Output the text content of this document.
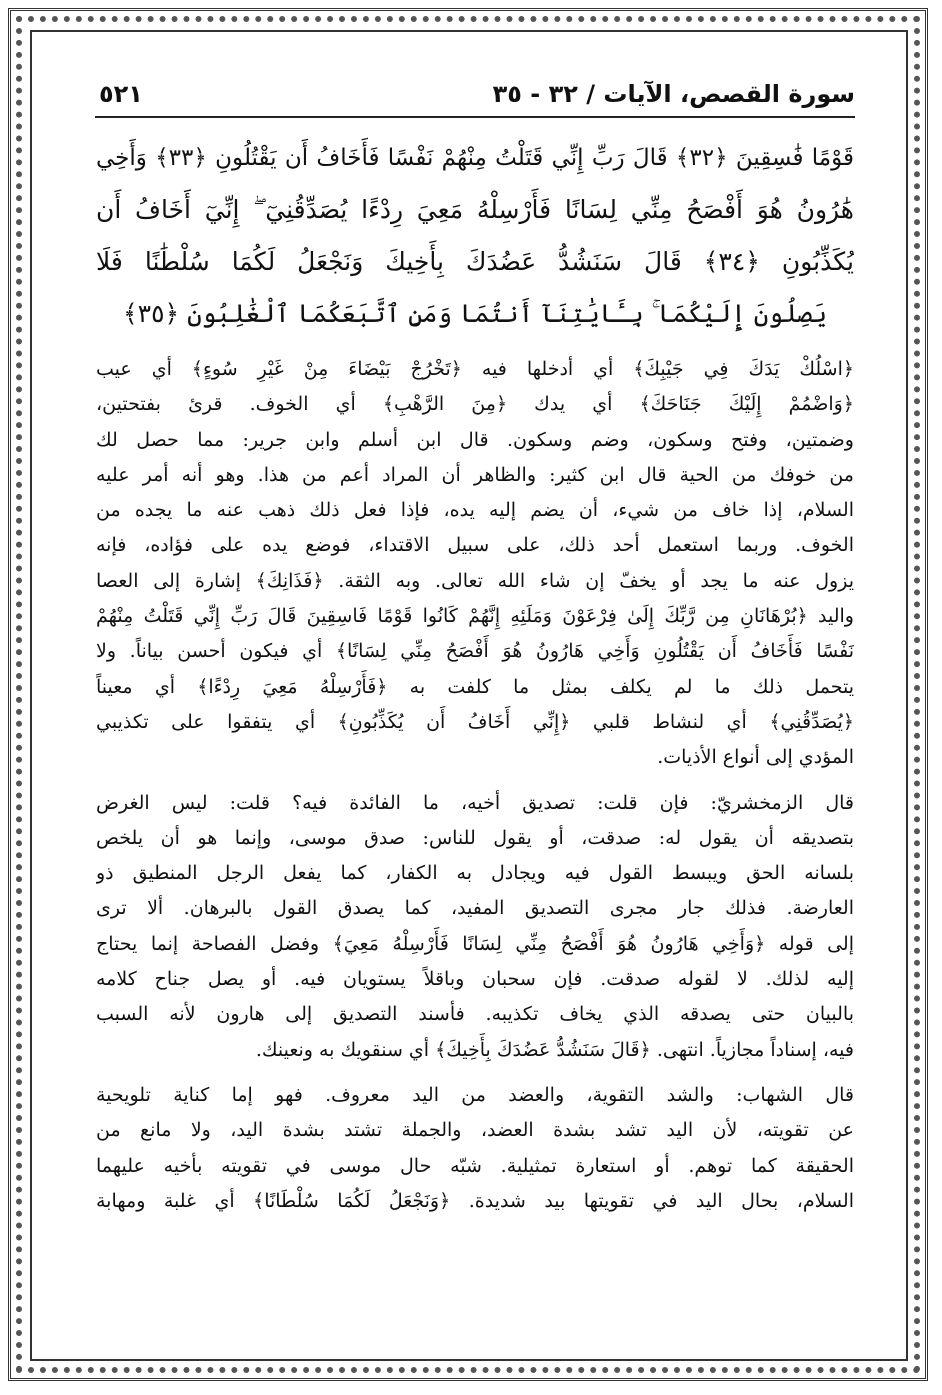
سورة القصص، الآيات / ٣٢ - ٣٥
٥٢١
قَوْمًا فَٰسِقِينَ ﴿٣٢﴾ قَالَ رَبِّ إِنِّي قَتَلْتُ مِنْهُمْ نَفْسًا فَأَخَافُ أَن يَقْتُلُونِ ﴿٣٣﴾ وَأَخِي
هَٰرُونُ هُوَ أَفْصَحُ مِنِّي لِسَانًا فَأَرْسِلْهُ مَعِيَ رِدْءًا يُصَدِّقُنِيٓ ۖ إِنِّيٓ أَخَافُ أَن
يُكَذِّبُونِ ﴿٣٤﴾ قَالَ سَنَشُدُّ عَضُدَكَ بِأَخِيكَ وَنَجْعَلُ لَكُمَا سُلْطَٰنًا فَلَا
يَصِلُونَ إِلَيْكُمَا ۚ بِـَٔايَٰتِنَآ أَنتُمَا وَمَنِ ٱتَّبَعَكُمَا ٱلْغَٰلِبُونَ ﴿٣٥﴾
﴿اسْلُكْ يَدَكَ فِي جَيْبِكَ﴾ أي أدخلها فيه ﴿تَخْرُجْ بَيْضَاءَ مِنْ غَيْرِ سُوءٍ﴾ أي عيب
﴿وَاضْمُمْ إِلَيْكَ جَنَاحَكَ﴾ أي يدك ﴿مِنَ الرَّهْبِ﴾ أي الخوف. قرئ بفتحتين،
وضمتين، وفتح وسكون، وضم وسكون. قال ابن أسلم وابن جرير: مما حصل لك
من خوفك من الحية قال ابن كثير: والظاهر أن المراد أعم من هذا. وهو أنه أمر عليه
السلام، إذا خاف من شيء، أن يضم إليه يده، فإذا فعل ذلك ذهب عنه ما يجده من
الخوف. وربما استعمل أحد ذلك، على سبيل الاقتداء، فوضع يده على فؤاده، فإنه
يزول عنه ما يجد أو يخفّ إن شاء الله تعالى. وبه الثقة. ﴿فَذَانِكَ﴾ إشارة إلى العصا
واليد ﴿بُرْهَانَانِ مِن رَّبِّكَ إِلَىٰ فِرْعَوْنَ وَمَلَئِهِ إِنَّهُمْ كَانُوا قَوْمًا فَاسِقِينَ قَالَ رَبِّ إِنِّي قَتَلْتُ مِنْهُمْ
نَفْسًا فَأَخَافُ أَن يَقْتُلُونِ وَأَخِي هَارُونُ هُوَ أَفْصَحُ مِنِّي لِسَانًا﴾ أي فيكون أحسن بياناً. ولا
يتحمل ذلك ما لم يكلف بمثل ما كلفت به ﴿فَأَرْسِلْهُ مَعِيَ رِدْءًا﴾ أي معيناً
﴿يُصَدِّقُنِي﴾ أي لنشاط قلبي ﴿إِنِّي أَخَافُ أَن يُكَذِّبُونِ﴾ أي يتفقوا على تكذيبي
المؤدي إلى أنواع الأذيات.
قال الزمخشريّ: فإن قلت: تصديق أخيه، ما الفائدة فيه؟ قلت: ليس الغرض
بتصديقه أن يقول له: صدقت، أو يقول للناس: صدق موسى، وإنما هو أن يلخص
بلسانه الحق ويبسط القول فيه ويجادل به الكفار، كما يفعل الرجل المنطيق ذو
العارضة. فذلك جار مجرى التصديق المفيد، كما يصدق القول بالبرهان. ألا ترى
إلى قوله ﴿وَأَخِي هَارُونُ هُوَ أَفْصَحُ مِنِّي لِسَانًا فَأَرْسِلْهُ مَعِيَ﴾ وفضل الفصاحة إنما يحتاج
إليه لذلك. لا لقوله صدقت. فإن سحبان وباقلاً يستويان فيه. أو يصل جناح كلامه
بالبيان حتى يصدقه الذي يخاف تكذيبه. فأسند التصديق إلى هارون لأنه السبب
فيه، إسناداً مجازياً. انتهى. ﴿قَالَ سَنَشُدُّ عَضُدَكَ بِأَخِيكَ﴾ أي سنقويك به ونعينك.
قال الشهاب: والشد التقوية، والعضد من اليد معروف. فهو إما كناية تلويحية
عن تقويته، لأن اليد تشد بشدة العضد، والجملة تشتد بشدة اليد، ولا مانع من
الحقيقة كما توهم. أو استعارة تمثيلية. شبّه حال موسى في تقويته بأخيه عليهما
السلام، بحال اليد في تقويتها بيد شديدة. ﴿وَنَجْعَلُ لَكُمَا سُلْطَانًا﴾ أي غلبة ومهابة
